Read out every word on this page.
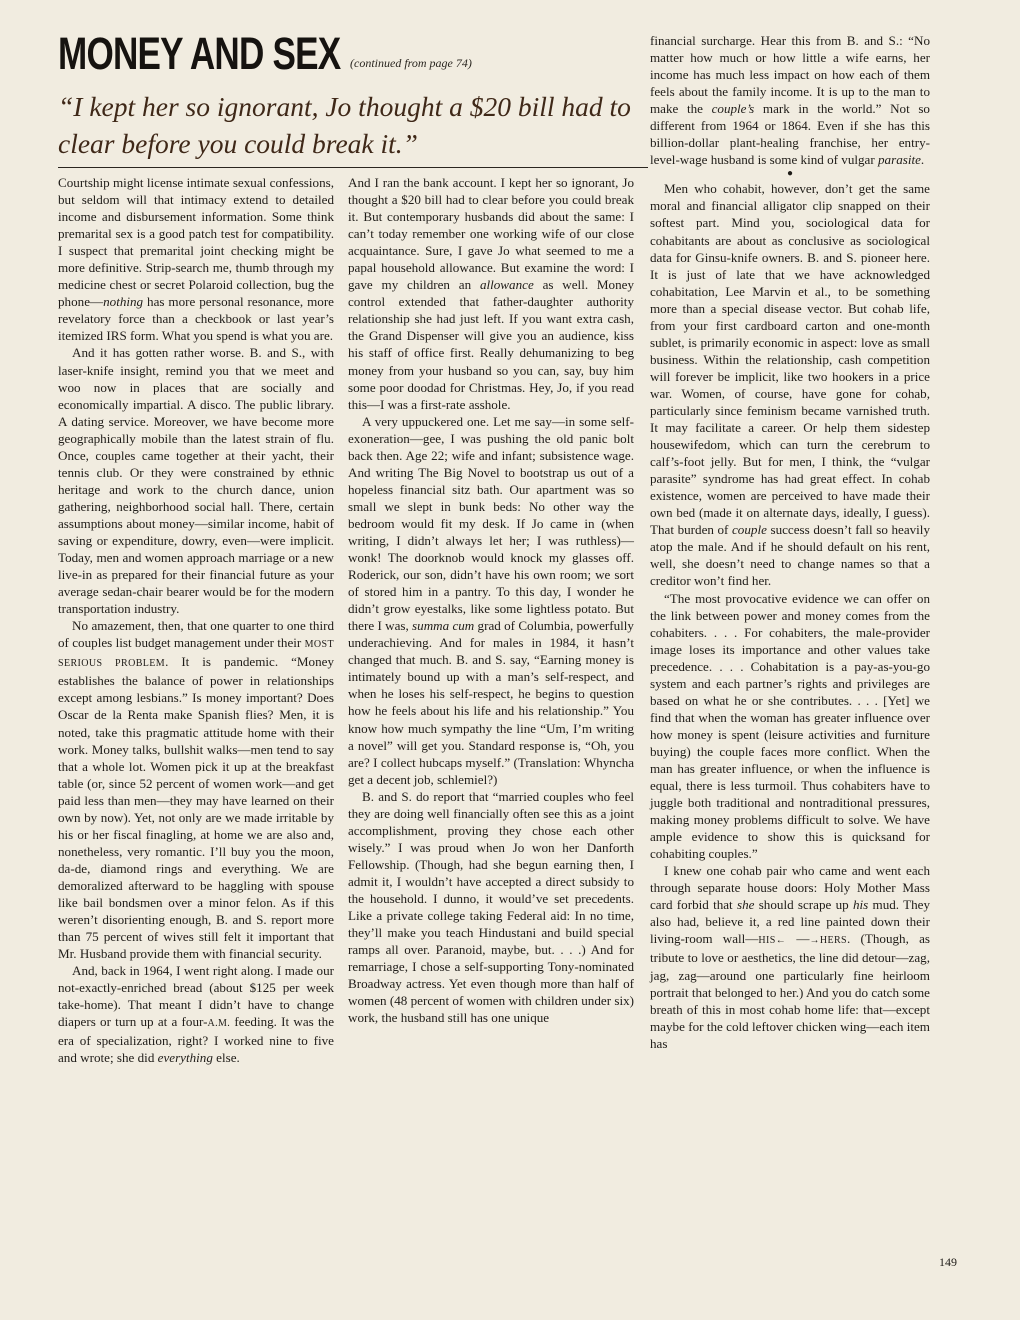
MONEY AND SEX (continued from page 74)
“I kept her so ignorant, Jo thought a $20 bill had to clear before you could break it.”

Courtship might license intimate sexual confessions, but seldom will that intimacy extend to detailed income and disbursement information. Some think premarital sex is a good patch test for compatibility. I suspect that premarital joint checking might be more definitive. Strip-search me, thumb through my medicine chest or secret Polaroid collection, bug the phone—nothing has more personal resonance, more revelatory force than a checkbook or last year’s itemized IRS form. What you spend is what you are.

And it has gotten rather worse. B. and S., with laser-knife insight, remind you that we meet and woo now in places that are socially and economically impartial. A disco. The public library. A dating service. Moreover, we have become more geographically mobile than the latest strain of flu. Once, couples came together at their yacht, their tennis club. Or they were constrained by ethnic heritage and work to the church dance, union gathering, neighborhood social hall. There, certain assumptions about money—similar income, habit of saving or expenditure, dowry, even—were implicit. Today, men and women approach marriage or a new live-in as prepared for their financial future as your average sedan-chair bearer would be for the modern transportation industry.

No amazement, then, that one quarter to one third of couples list budget management under their MOST SERIOUS PROBLEM. It is pandemic. “Money establishes the balance of power in relationships except among lesbians.” Is money important? Does Oscar de la Renta make Spanish flies? Men, it is noted, take this pragmatic attitude home with their work. Money talks, bullshit walks—men tend to say that a whole lot. Women pick it up at the breakfast table (or, since 52 percent of women work—and get paid less than men—they may have learned on their own by now). Yet, not only are we made irritable by his or her fiscal finagling, at home we are also and, nonetheless, very romantic. I’ll buy you the moon, da-de, diamond rings and everything. We are demoralized afterward to be haggling with spouse like bail bondsmen over a minor felon. As if this weren’t disorienting enough, B. and S. report more than 75 percent of wives still felt it important that Mr. Husband provide them with financial security.

And, back in 1964, I went right along. I made our not-exactly-enriched bread (about $125 per week take-home). That meant I didn’t have to change diapers or turn up at a four-A.M. feeding. It was the era of specialization, right? I worked nine to five and wrote; she did everything else.

And I ran the bank account. I kept her so ignorant, Jo thought a $20 bill had to clear before you could break it. But contemporary husbands did about the same: I can’t today remember one working wife of our close acquaintance. Sure, I gave Jo what seemed to me a papal household allowance. But examine the word: I gave my children an allowance as well. Money control extended that father-daughter authority relationship she had just left. If you want extra cash, the Grand Dispenser will give you an audience, kiss his staff of office first. Really dehumanizing to beg money from your husband so you can, say, buy him some poor doodad for Christmas. Hey, Jo, if you read this—I was a first-rate asshole.

A very uppuckered one. Let me say—in some self-exoneration—gee, I was pushing the old panic bolt back then. Age 22; wife and infant; subsistence wage. And writing The Big Novel to bootstrap us out of a hopeless financial sitz bath. Our apartment was so small we slept in bunk beds: No other way the bedroom would fit my desk. If Jo came in (when writing, I didn’t always let her; I was ruthless)—wonk! The doorknob would knock my glasses off. Roderick, our son, didn’t have his own room; we sort of stored him in a pantry. To this day, I wonder he didn’t grow eyestalks, like some lightless potato. But there I was, summa cum grad of Columbia, powerfully underachieving. And for males in 1984, it hasn’t changed that much. B. and S. say, “Earning money is intimately bound up with a man’s self-respect, and when he loses his self-respect, he begins to question how he feels about his life and his relationship.” You know how much sympathy the line “Um, I’m writing a novel” will get you. Standard response is, “Oh, you are? I collect hubcaps myself.” (Translation: Whyncha get a decent job, schlemiel?)

B. and S. do report that “married couples who feel they are doing well financially often see this as a joint accomplishment, proving they chose each other wisely.” I was proud when Jo won her Danforth Fellowship. (Though, had she begun earning then, I admit it, I wouldn’t have accepted a direct subsidy to the household. I dunno, it would’ve set precedents. Like a private college taking Federal aid: In no time, they’ll make you teach Hindustani and build special ramps all over. Paranoid, maybe, but. . . .) And for remarriage, I chose a self-supporting Tony-nominated Broadway actress. Yet even though more than half of women (48 percent of women with children under six) work, the husband still has one unique

financial surcharge. Hear this from B. and S.: “No matter how much or how little a wife earns, her income has much less impact on how each of them feels about the family income. It is up to the man to make the couple’s mark in the world.” Not so different from 1964 or 1864. Even if she has this billion-dollar plant-healing franchise, her entry-level-wage husband is some kind of vulgar parasite.

●

Men who cohabit, however, don’t get the same moral and financial alligator clip snapped on their softest part. Mind you, sociological data for cohabitants are about as conclusive as sociological data for Ginsu-knife owners. B. and S. pioneer here. It is just of late that we have acknowledged cohabitation, Lee Marvin et al., to be something more than a special disease vector. But cohab life, from your first cardboard carton and one-month sublet, is primarily economic in aspect: love as small business. Within the relationship, cash competition will forever be implicit, like two hookers in a price war. Women, of course, have gone for cohab, particularly since feminism became varnished truth. It may facilitate a career. Or help them sidestep housewifedom, which can turn the cerebrum to calf’s-foot jelly. But for men, I think, the “vulgar parasite” syndrome has had great effect. In cohab existence, women are perceived to have made their own bed (made it on alternate days, ideally, I guess). That burden of couple success doesn’t fall so heavily atop the male. And if he should default on his rent, well, she doesn’t need to change names so that a creditor won’t find her.

“The most provocative evidence we can offer on the link between power and money comes from the cohabiters. . . . For cohabiters, the male-provider image loses its importance and other values take precedence. . . . Cohabitation is a pay-as-you-go system and each partner’s rights and privileges are based on what he or she contributes. . . . [Yet] we find that when the woman has greater influence over how money is spent (leisure activities and furniture buying) the couple faces more conflict. When the man has greater influence, or when the influence is equal, there is less turmoil. Thus cohabiters have to juggle both traditional and nontraditional pressures, making money problems difficult to solve. We have ample evidence to show this is quicksand for cohabiting couples.”

I knew one cohab pair who came and went each through separate house doors: Holy Mother Mass card forbid that she should scrape up his mud. They also had, believe it, a red line painted down their living-room wall—HIS← —→HERS. (Though, as tribute to love or aesthetics, the line did detour—zag, jag, zag—around one particularly fine heirloom portrait that belonged to her.) And you do catch some breath of this in most cohab home life: that—except maybe for the cold leftover chicken wing—each item has

149
